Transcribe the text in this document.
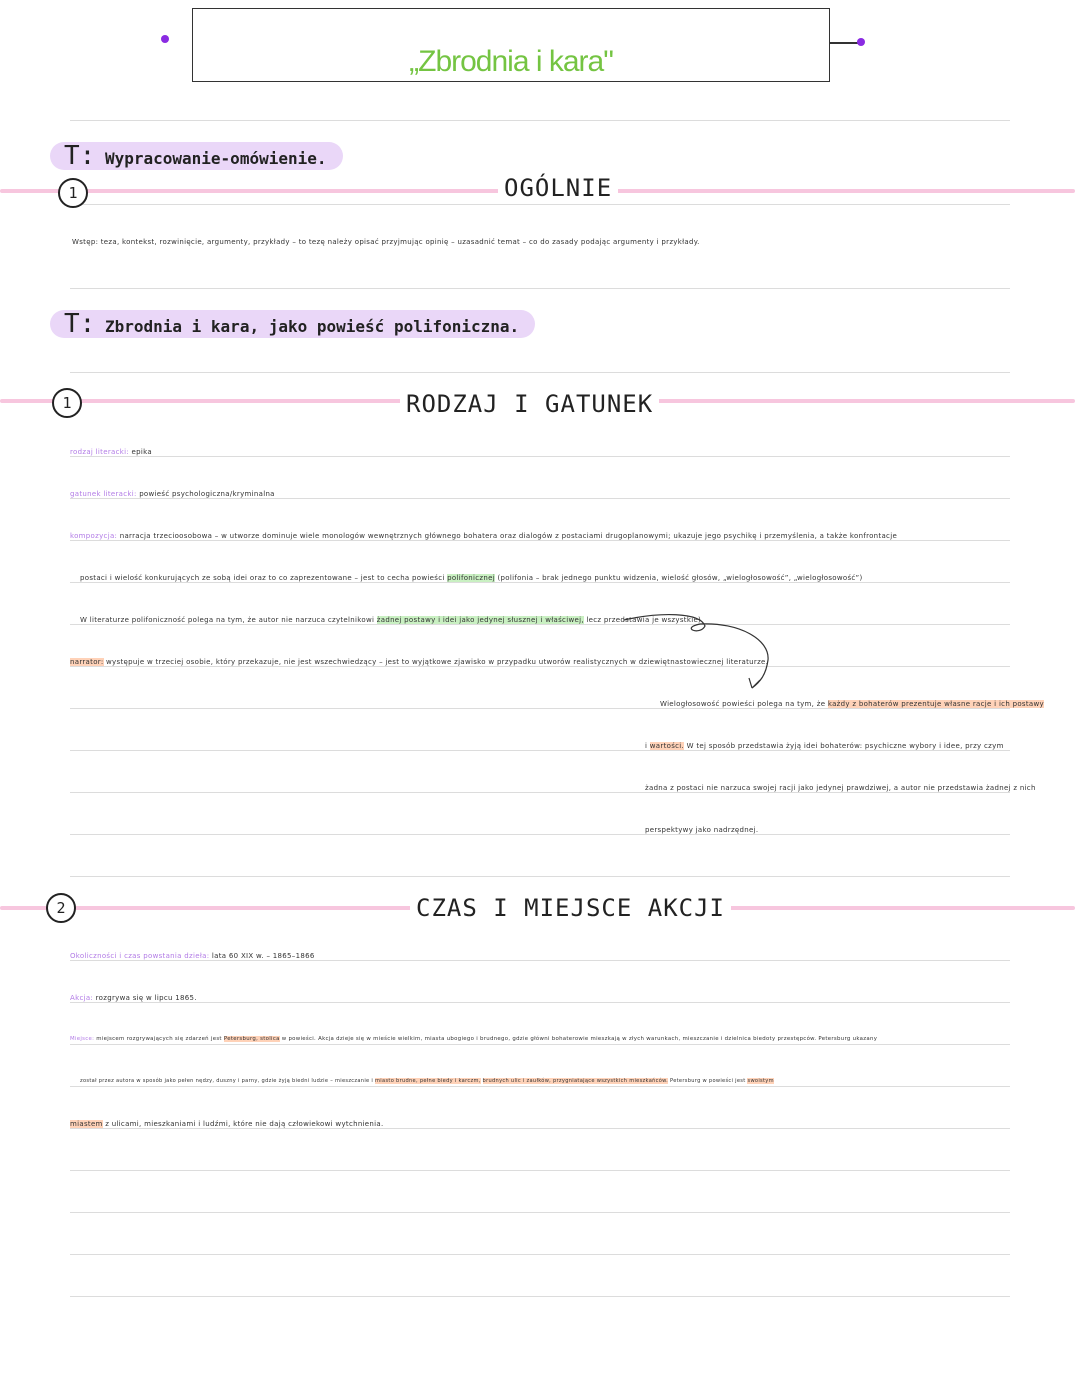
„Zbrodnia i kara"
T: Wypracowanie-omówienie.
1	OGÓLNIE
Wstęp: teza, kontekst, rozwinięcie, argumenty, przykłady – to tezę należy opisać przyjmując opinię – uzasadnić temat – co do zasady podając argumenty i przykłady.
T: Zbrodnia i kara, jako powieść polifoniczna.
1	RODZAJ I GATUNEK
rodzaj literacki: epika
gatunek literacki: powieść psychologiczna/kryminalna
kompozycja: narracja trzecioosobowa – w utworze dominuje wiele monologów wewnętrznych głównego bohatera oraz dialogów z postaciami drugoplanowymi; ukazuje jego psychikę i przemyślenia, a także konfrontacje
postaci i wielość konkurujących ze sobą idei oraz to co zaprezentowane – jest to cecha powieści polifonicznej (polifonia – brak jednego punktu widzenia, wielość głosów, „wielogłosowość”, „wielogłosowość”)
W literaturze polifoniczność polega na tym, że autor nie narzuca czytelnikowi żadnej postawy i idei jako jedynej słusznej i właściwej, lecz przedstawia je wszystkie)
narrator: występuje w trzeciej osobie, który przekazuje, nie jest wszechwiedzący – jest to wyjątkowe zjawisko w przypadku utworów realistycznych w dziewiętnastowiecznej literaturze.
Wielogłosowość powieści polega na tym, że każdy z bohaterów prezentuje własne racje i ich postawy
i wartości. W tej sposób przedstawia żyją idei bohaterów: psychiczne wybory i idee, przy czym
żadna z postaci nie narzuca swojej racji jako jedynej prawdziwej, a autor nie przedstawia żadnej z nich
perspektywy jako nadrzędnej.
2	CZAS I MIEJSCE AKCJI
Okoliczności i czas powstania dzieła: lata 60 XIX w. – 1865–1866
Akcja: rozgrywa się w lipcu 1865.
Miejsce: miejscem rozgrywających się zdarzeń jest Petersburg, stolica w powieści. Akcja dzieje się w mieście wielkim, miasta ubogiego i brudnego, gdzie główni bohaterowie mieszkają w złych warunkach, mieszczanie i dzielnica biedoty przestępców. Petersburg ukazany
został przez autora w sposób jako pełen nędzy, duszny i parny, gdzie żyją biedni ludzie – mieszczanie i miasto brudne, pełne biedy i karczm, brudnych ulic i zaułków, przygniatające wszystkich mieszkańców. Petersburg w powieści jest swoistym
miastem z ulicami, mieszkaniami i ludźmi, które nie dają człowiekowi wytchnienia.
